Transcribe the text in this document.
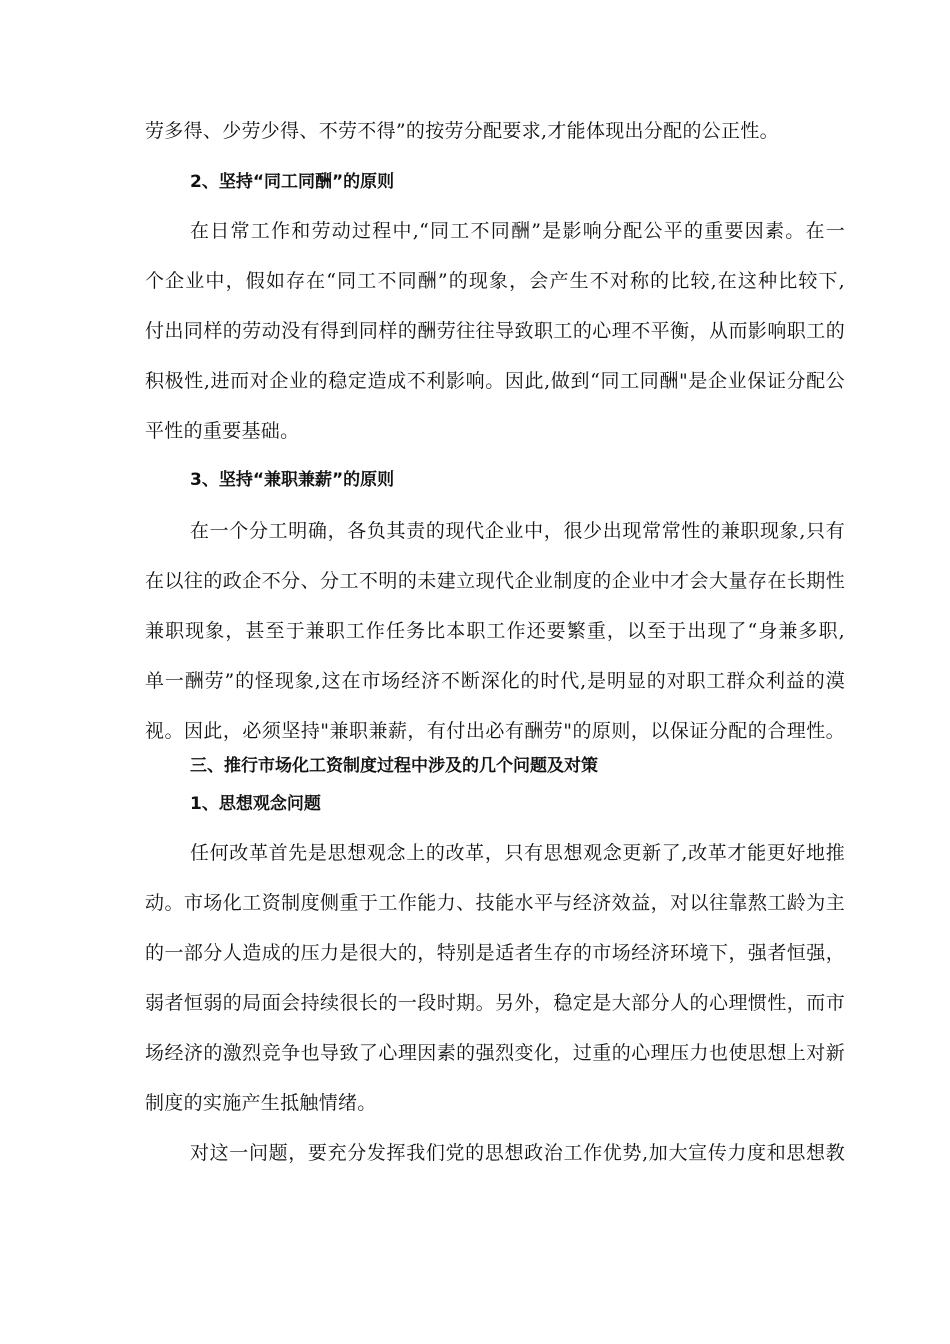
劳多得、少劳少得、不劳不得”的按劳分配要求,才能体现出分配的公正性。
2、坚持“同工同酬”的原则
在日常工作和劳动过程中,“同工不同酬”是影响分配公平的重要因素。在一
个企业中，假如存在“同工不同酬”的现象，会产生不对称的比较,在这种比较下,
付出同样的劳动没有得到同样的酬劳往往导致职工的心理不平衡，从而影响职工的
积极性,进而对企业的稳定造成不利影响。因此,做到“同工同酬"是企业保证分配公
平性的重要基础。
3、坚持“兼职兼薪”的原则
在一个分工明确，各负其责的现代企业中，很少出现常常性的兼职现象,只有
在以往的政企不分、分工不明的未建立现代企业制度的企业中才会大量存在长期性
兼职现象，甚至于兼职工作任务比本职工作还要繁重，以至于出现了“身兼多职,
单一酬劳”的怪现象,这在市场经济不断深化的时代,是明显的对职工群众利益的漠
视。因此，必须坚持"兼职兼薪，有付出必有酬劳"的原则，以保证分配的合理性。
三、推行市场化工资制度过程中涉及的几个问题及对策
1、思想观念问题
任何改革首先是思想观念上的改革，只有思想观念更新了,改革才能更好地推
动。市场化工资制度侧重于工作能力、技能水平与经济效益，对以往靠熬工龄为主
的一部分人造成的压力是很大的，特别是适者生存的市场经济环境下，强者恒强，
弱者恒弱的局面会持续很长的一段时期。另外，稳定是大部分人的心理惯性，而市
场经济的激烈竞争也导致了心理因素的强烈变化，过重的心理压力也使思想上对新
制度的实施产生抵触情绪。
对这一问题，要充分发挥我们党的思想政治工作优势,加大宣传力度和思想教
